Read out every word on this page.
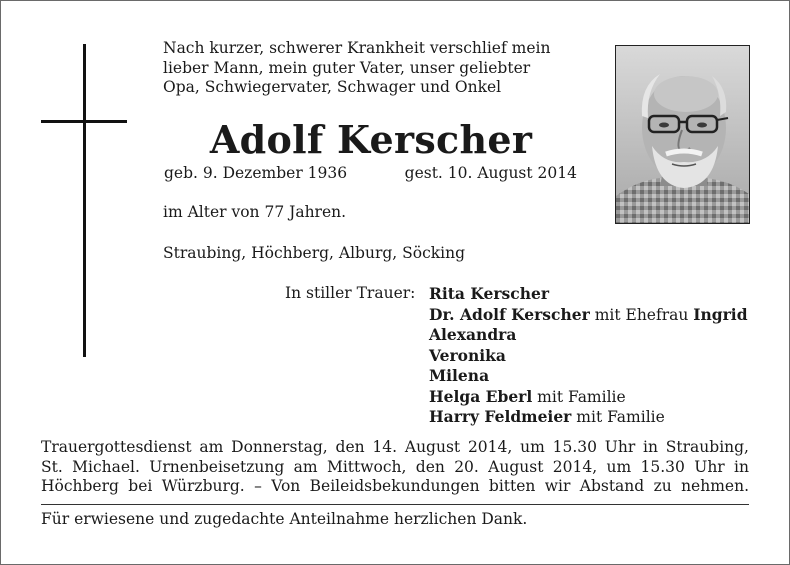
Nach kurzer, schwerer Krankheit verschlief mein
lieber Mann, mein guter Vater, unser geliebter
Opa, Schwiegervater, Schwager und Onkel
Adolf Kerscher
geb. 9. Dezember 1936	gest. 10. August 2014
im Alter von 77 Jahren.
Straubing, Höchberg, Alburg, Söcking
In stiller Trauer: Rita Kerscher
Dr. Adolf Kerscher mit Ehefrau Ingrid
Alexandra
Veronika
Milena
Helga Eberl mit Familie
Harry Feldmeier mit Familie
Trauergottesdienst am Donnerstag, den 14. August 2014, um 15.30 Uhr in Straubing,
St. Michael. Urnenbeisetzung am Mittwoch, den 20. August 2014, um 15.30 Uhr in
Höchberg bei Würzburg. – Von Beileidsbekundungen bitten wir Abstand zu nehmen.
Für erwiesene und zugedachte Anteilnahme herzlichen Dank.
